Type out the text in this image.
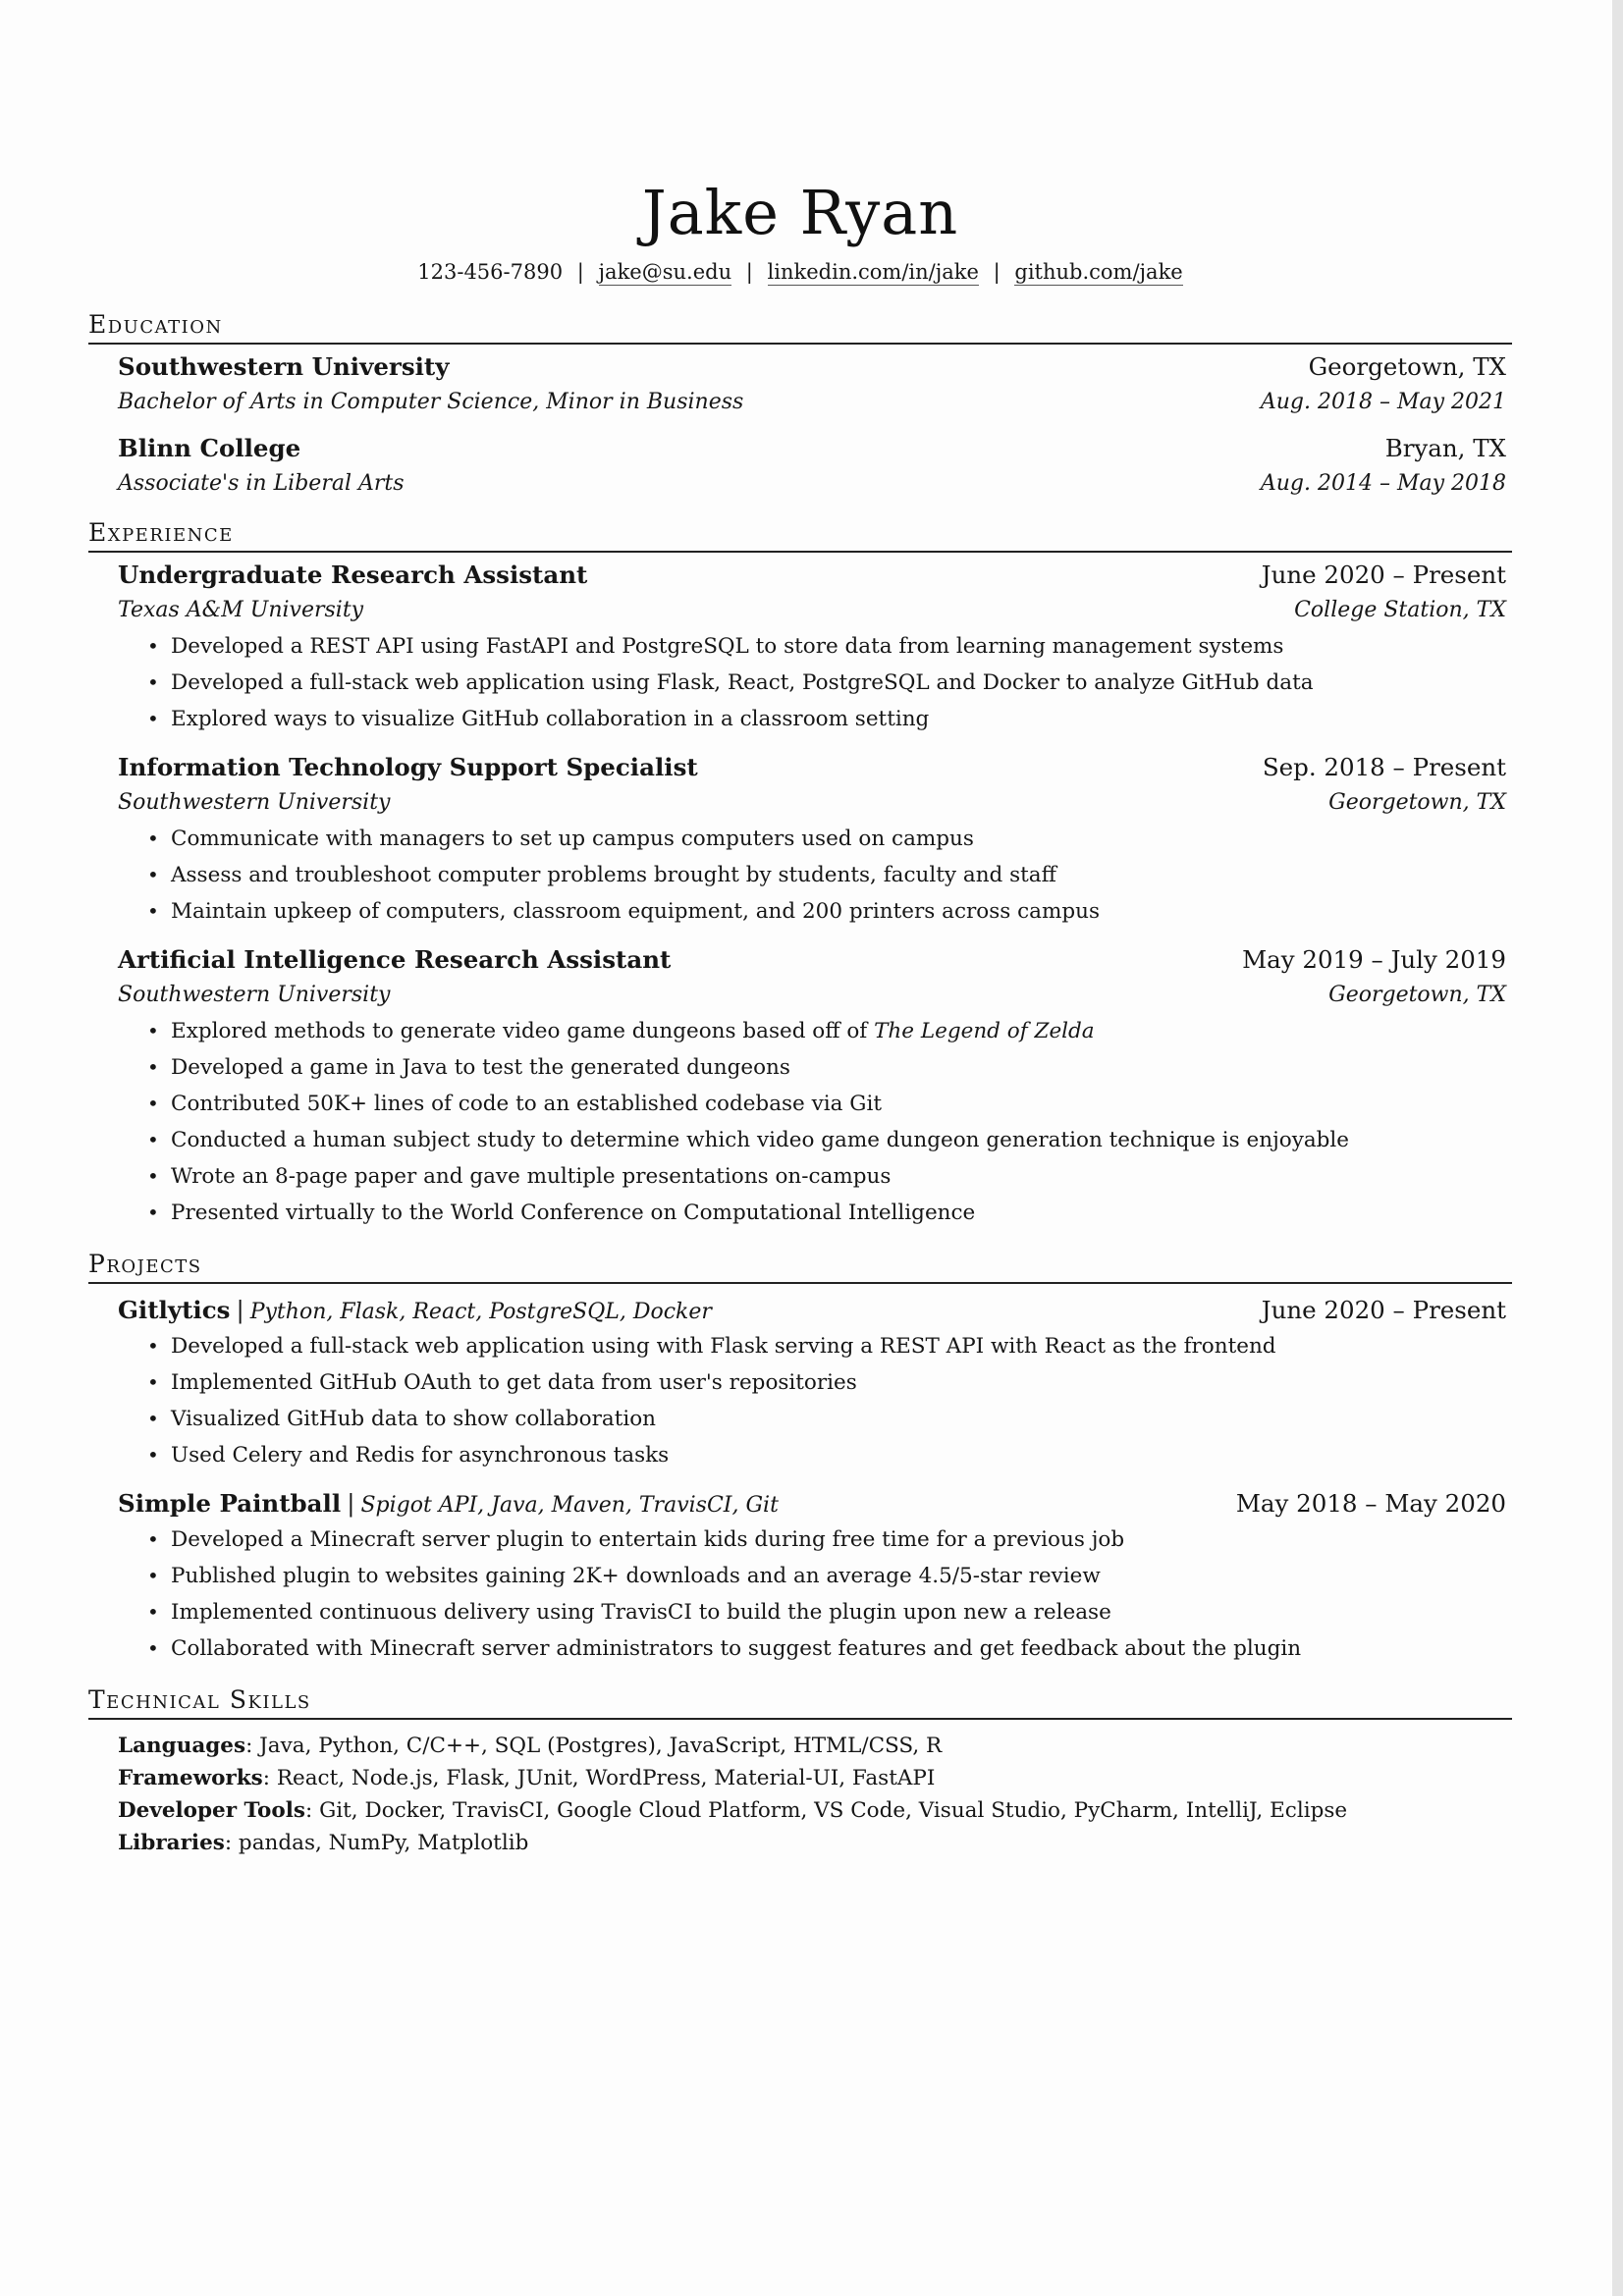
Jake Ryan
123-456-7890 | jake@su.edu | linkedin.com/in/jake | github.com/jake
Education
Southwestern University	Georgetown, TX
Bachelor of Arts in Computer Science, Minor in Business	Aug. 2018 – May 2021
Blinn College	Bryan, TX
Associate's in Liberal Arts	Aug. 2014 – May 2018
Experience
Undergraduate Research Assistant	June 2020 – Present
Texas A&M University	College Station, TX
• Developed a REST API using FastAPI and PostgreSQL to store data from learning management systems
• Developed a full-stack web application using Flask, React, PostgreSQL and Docker to analyze GitHub data
• Explored ways to visualize GitHub collaboration in a classroom setting
Information Technology Support Specialist	Sep. 2018 – Present
Southwestern University	Georgetown, TX
• Communicate with managers to set up campus computers used on campus
• Assess and troubleshoot computer problems brought by students, faculty and staff
• Maintain upkeep of computers, classroom equipment, and 200 printers across campus
Artificial Intelligence Research Assistant	May 2019 – July 2019
Southwestern University	Georgetown, TX
• Explored methods to generate video game dungeons based off of The Legend of Zelda
• Developed a game in Java to test the generated dungeons
• Contributed 50K+ lines of code to an established codebase via Git
• Conducted a human subject study to determine which video game dungeon generation technique is enjoyable
• Wrote an 8-page paper and gave multiple presentations on-campus
• Presented virtually to the World Conference on Computational Intelligence
Projects
Gitlytics | Python, Flask, React, PostgreSQL, Docker	June 2020 – Present
• Developed a full-stack web application using with Flask serving a REST API with React as the frontend
• Implemented GitHub OAuth to get data from user's repositories
• Visualized GitHub data to show collaboration
• Used Celery and Redis for asynchronous tasks
Simple Paintball | Spigot API, Java, Maven, TravisCI, Git	May 2018 – May 2020
• Developed a Minecraft server plugin to entertain kids during free time for a previous job
• Published plugin to websites gaining 2K+ downloads and an average 4.5/5-star review
• Implemented continuous delivery using TravisCI to build the plugin upon new a release
• Collaborated with Minecraft server administrators to suggest features and get feedback about the plugin
Technical Skills
Languages: Java, Python, C/C++, SQL (Postgres), JavaScript, HTML/CSS, R
Frameworks: React, Node.js, Flask, JUnit, WordPress, Material-UI, FastAPI
Developer Tools: Git, Docker, TravisCI, Google Cloud Platform, VS Code, Visual Studio, PyCharm, IntelliJ, Eclipse
Libraries: pandas, NumPy, Matplotlib
